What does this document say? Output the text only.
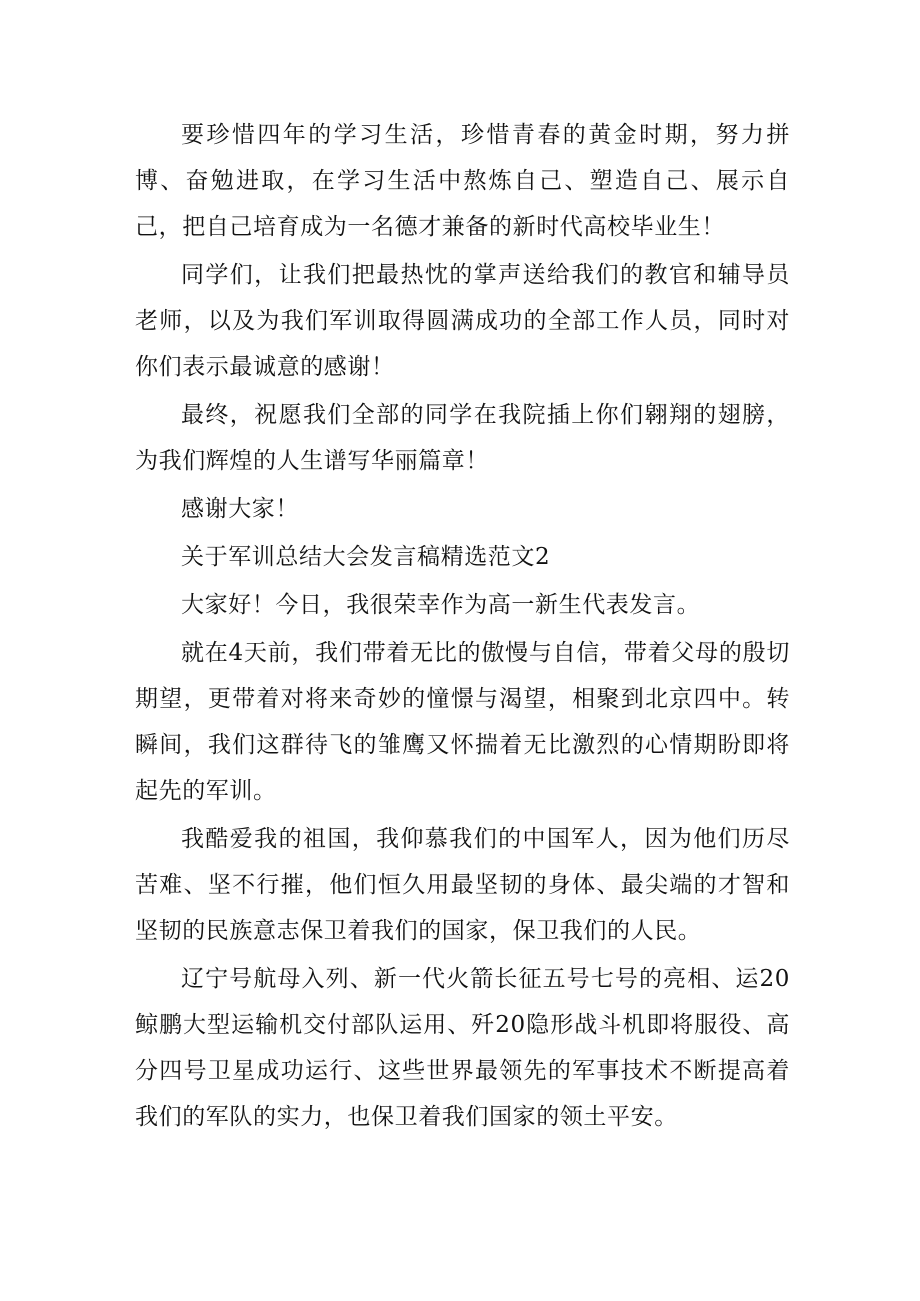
要珍惜四年的学习生活，珍惜青春的黄金时期，努力拼博、奋勉进取，在学习生活中熬炼自己、塑造自己、展示自己，把自己培育成为一名德才兼备的新时代高校毕业生！

同学们，让我们把最热忱的掌声送给我们的教官和辅导员老师，以及为我们军训取得圆满成功的全部工作人员，同时对你们表示最诚意的感谢！

最终，祝愿我们全部的同学在我院插上你们翱翔的翅膀，为我们辉煌的人生谱写华丽篇章！

感谢大家！

关于军训总结大会发言稿精选范文2

大家好！今日，我很荣幸作为高一新生代表发言。

就在4天前，我们带着无比的傲慢与自信，带着父母的殷切期望，更带着对将来奇妙的憧憬与渴望，相聚到北京四中。转瞬间，我们这群待飞的雏鹰又怀揣着无比激烈的心情期盼即将起先的军训。

我酷爱我的祖国，我仰慕我们的中国军人，因为他们历尽苦难、坚不行摧，他们恒久用最坚韧的身体、最尖端的才智和坚韧的民族意志保卫着我们的国家，保卫我们的人民。

辽宁号航母入列、新一代火箭长征五号七号的亮相、运20鲸鹏大型运输机交付部队运用、歼20隐形战斗机即将服役、高分四号卫星成功运行、这些世界最领先的军事技术不断提高着我们的军队的实力，也保卫着我们国家的领土平安。
